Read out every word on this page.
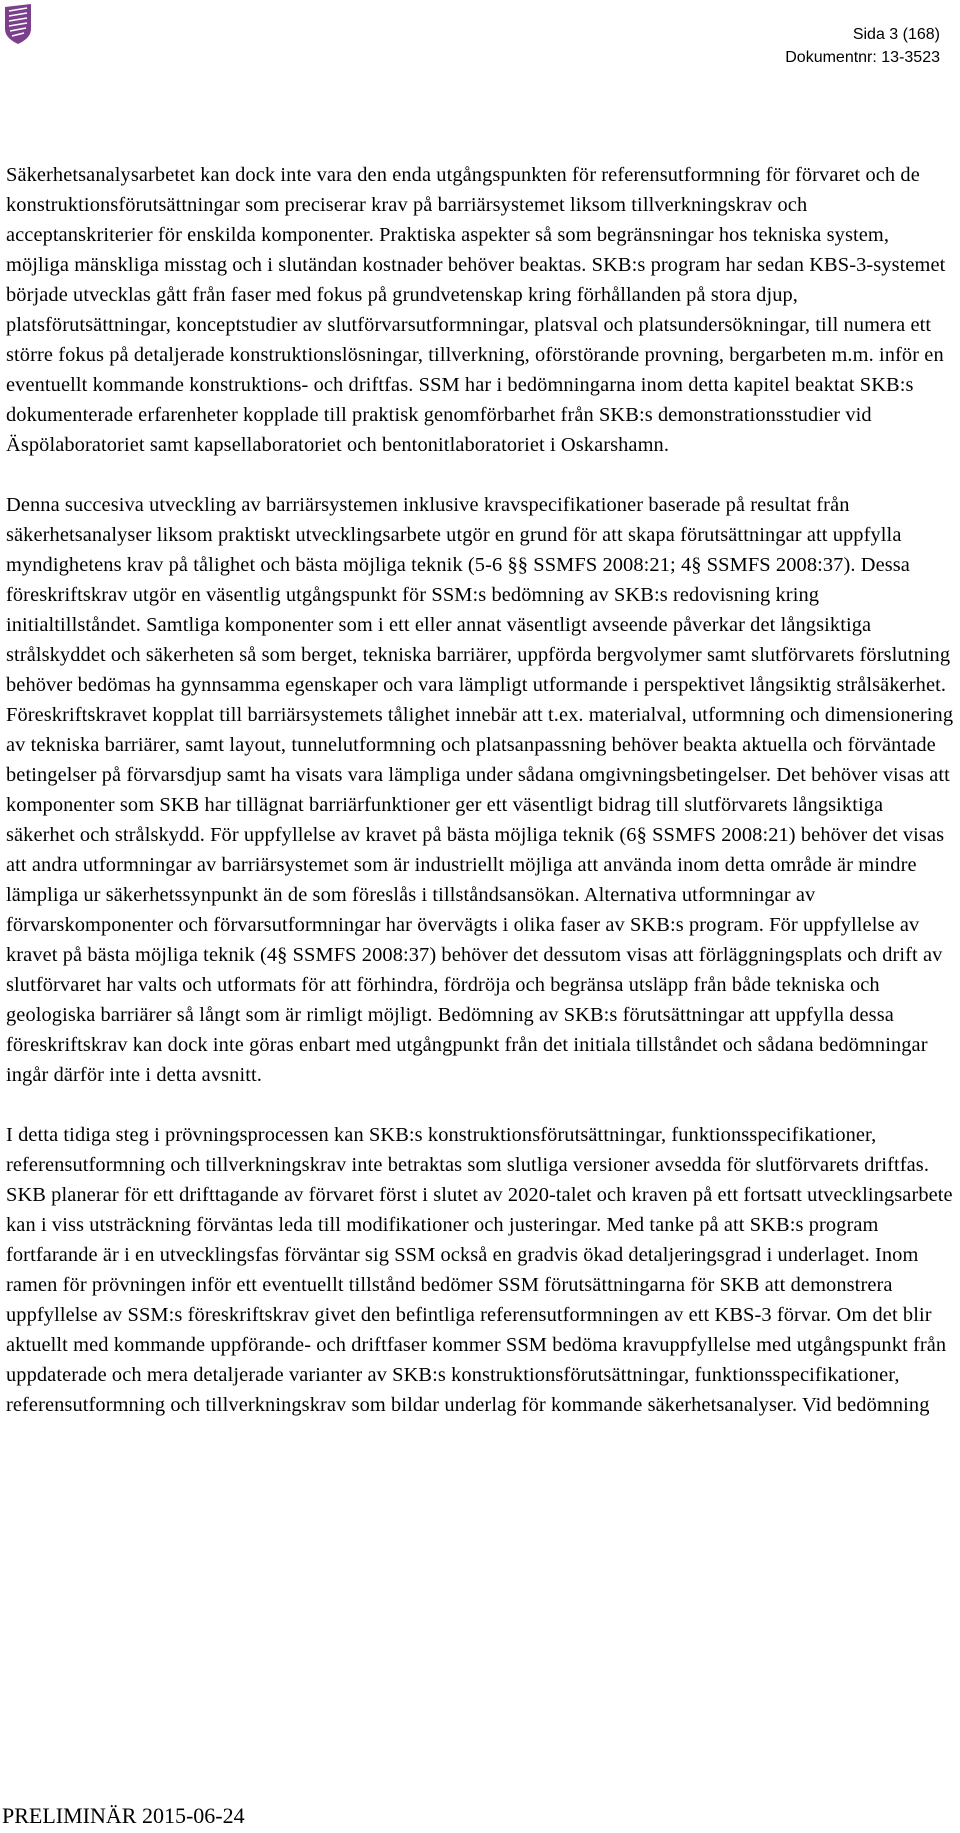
Sida 3 (168)
Dokumentnr: 13-3523

Säkerhetsanalysarbetet kan dock inte vara den enda utgångspunkten för referensutformning för förvaret och de konstruktionsförutsättningar som preciserar krav på barriärsystemet liksom tillverkningskrav och acceptanskriterier för enskilda komponenter. Praktiska aspekter så som begränsningar hos tekniska system, möjliga mänskliga misstag och i slutändan kostnader behöver beaktas. SKB:s program har sedan KBS-3-systemet började utvecklas gått från faser med fokus på grundvetenskap kring förhållanden på stora djup, platsförutsättningar, konceptstudier av slutförvarsutformningar, platsval och platsundersökningar, till numera ett större fokus på detaljerade konstruktionslösningar, tillverkning, oförstörande provning, bergarbeten m.m. inför en eventuellt kommande konstruktions- och driftfas. SSM har i bedömningarna inom detta kapitel beaktat SKB:s dokumenterade erfarenheter kopplade till praktisk genomförbarhet från SKB:s demonstrationsstudier vid Äspölaboratoriet samt kapsellaboratoriet och bentonitlaboratoriet i Oskarshamn.

Denna succesiva utveckling av barriärsystemen inklusive kravspecifikationer baserade på resultat från säkerhetsanalyser liksom praktiskt utvecklingsarbete utgör en grund för att skapa förutsättningar att uppfylla myndighetens krav på tålighet och bästa möjliga teknik (5-6 §§ SSMFS 2008:21; 4§ SSMFS 2008:37). Dessa föreskriftskrav utgör en väsentlig utgångspunkt för SSM:s bedömning av SKB:s redovisning kring initialtillståndet. Samtliga komponenter som i ett eller annat väsentligt avseende påverkar det långsiktiga strålskyddet och säkerheten så som berget, tekniska barriärer, uppförda bergvolymer samt slutförvarets förslutning behöver bedömas ha gynnsamma egenskaper och vara lämpligt utformande i perspektivet långsiktig strålsäkerhet. Föreskriftskravet kopplat till barriärsystemets tålighet innebär att t.ex. materialval, utformning och dimensionering av tekniska barriärer, samt layout, tunnelutformning och platsanpassning behöver beakta aktuella och förväntade betingelser på förvarsdjup samt ha visats vara lämpliga under sådana omgivningsbetingelser. Det behöver visas att komponenter som SKB har tillägnat barriärfunktioner ger ett väsentligt bidrag till slutförvarets långsiktiga säkerhet och strålskydd. För uppfyllelse av kravet på bästa möjliga teknik (6§ SSMFS 2008:21) behöver det visas att andra utformningar av barriärsystemet som är industriellt möjliga att använda inom detta område är mindre lämpliga ur säkerhetssynpunkt än de som föreslås i tillståndsansökan. Alternativa utformningar av förvarskomponenter och förvarsutformningar har övervägts i olika faser av SKB:s program. För uppfyllelse av kravet på bästa möjliga teknik (4§ SSMFS 2008:37) behöver det dessutom visas att förläggningsplats och drift av slutförvaret har valts och utformats för att förhindra, fördröja och begränsa utsläpp från både tekniska och geologiska barriärer så långt som är rimligt möjligt. Bedömning av SKB:s förutsättningar att uppfylla dessa föreskriftskrav kan dock inte göras enbart med utgångpunkt från det initiala tillståndet och sådana bedömningar ingår därför inte i detta avsnitt.

I detta tidiga steg i prövningsprocessen kan SKB:s konstruktionsförutsättningar, funktionsspecifikationer, referensutformning och tillverkningskrav inte betraktas som slutliga versioner avsedda för slutförvarets driftfas. SKB planerar för ett drifttagande av förvaret först i slutet av 2020-talet och kraven på ett fortsatt utvecklingsarbete kan i viss utsträckning förväntas leda till modifikationer och justeringar. Med tanke på att SKB:s program fortfarande är i en utvecklingsfas förväntar sig SSM också en gradvis ökad detaljeringsgrad i underlaget. Inom ramen för prövningen inför ett eventuellt tillstånd bedömer SSM förutsättningarna för SKB att demonstrera uppfyllelse av SSM:s föreskriftskrav givet den befintliga referensutformningen av ett KBS-3 förvar. Om det blir aktuellt med kommande uppförande- och driftfaser kommer SSM bedöma kravuppfyllelse med utgångspunkt från uppdaterade och mera detaljerade varianter av SKB:s konstruktionsförutsättningar, funktionsspecifikationer, referensutformning och tillverkningskrav som bildar underlag för kommande säkerhetsanalyser. Vid bedömning

PRELIMINÄR 2015-06-24
